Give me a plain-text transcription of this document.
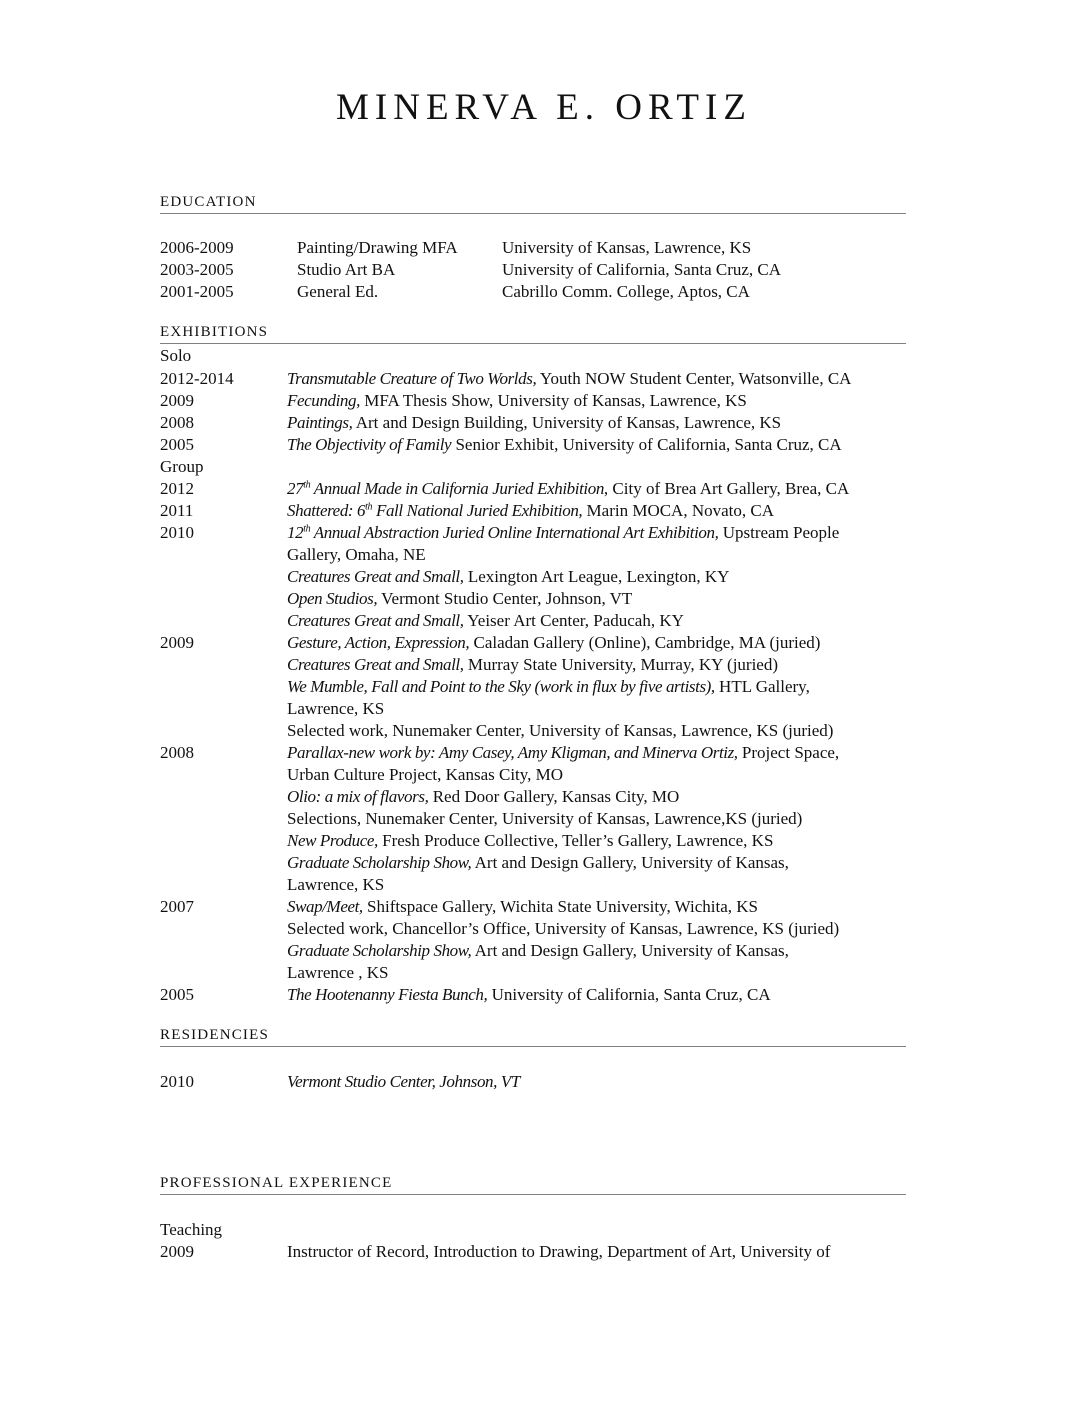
MINERVA E. ORTIZ
EDUCATION
2006-2009	Painting/Drawing MFA	University of Kansas, Lawrence, KS
2003-2005	Studio Art BA	University of California, Santa Cruz, CA
2001-2005	General Ed.	Cabrillo Comm. College, Aptos, CA
EXHIBITIONS
Solo
2012-2014	Transmutable Creature of Two Worlds, Youth NOW Student Center, Watsonville, CA
2009	Fecunding, MFA Thesis Show, University of Kansas, Lawrence, KS
2008	Paintings, Art and Design Building, University of Kansas, Lawrence, KS
2005	The Objectivity of Family Senior Exhibit, University of California, Santa Cruz, CA
Group
2012	27th Annual Made in California Juried Exhibition, City of Brea Art Gallery, Brea, CA
2011	Shattered: 6th Fall National Juried Exhibition, Marin MOCA, Novato, CA
2010	12th Annual Abstraction Juried Online International Art Exhibition, Upstream People
Gallery, Omaha, NE
Creatures Great and Small, Lexington Art League, Lexington, KY
Open Studios, Vermont Studio Center, Johnson, VT
Creatures Great and Small, Yeiser Art Center, Paducah, KY
2009	Gesture, Action, Expression, Caladan Gallery (Online), Cambridge, MA (juried)
Creatures Great and Small, Murray State University, Murray, KY (juried)
We Mumble, Fall and Point to the Sky (work in flux by five artists), HTL Gallery,
Lawrence, KS
Selected work, Nunemaker Center, University of Kansas, Lawrence, KS (juried)
2008	Parallax-new work by: Amy Casey, Amy Kligman, and Minerva Ortiz, Project Space,
Urban Culture Project, Kansas City, MO
Olio: a mix of flavors, Red Door Gallery, Kansas City, MO
Selections, Nunemaker Center, University of Kansas, Lawrence,KS (juried)
New Produce, Fresh Produce Collective, Teller’s Gallery, Lawrence, KS
Graduate Scholarship Show, Art and Design Gallery, University of Kansas,
Lawrence, KS
2007	Swap/Meet, Shiftspace Gallery, Wichita State University, Wichita, KS
Selected work, Chancellor’s Office, University of Kansas, Lawrence, KS (juried)
Graduate Scholarship Show, Art and Design Gallery, University of Kansas,
Lawrence , KS
2005	The Hootenanny Fiesta Bunch, University of California, Santa Cruz, CA
RESIDENCIES
2010	Vermont Studio Center, Johnson, VT
PROFESSIONAL EXPERIENCE
Teaching
2009	Instructor of Record, Introduction to Drawing, Department of Art, University of
